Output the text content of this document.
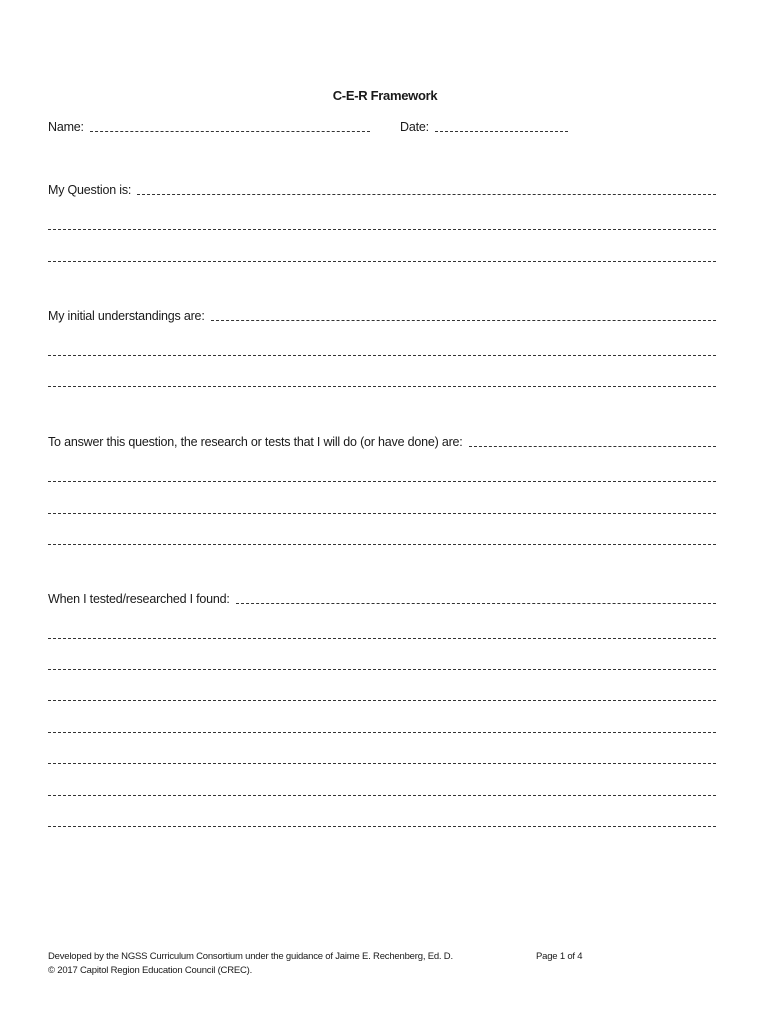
C-E-R Framework
Name:	Date:
My Question is:
My initial understandings are:
To answer this question, the research or tests that I will do (or have done) are:
When I tested/researched I found:
Developed by the NGSS Curriculum Consortium under the guidance of Jaime E. Rechenberg, Ed. D.
© 2017 Capitol Region Education Council (CREC).
Page 1 of 4
